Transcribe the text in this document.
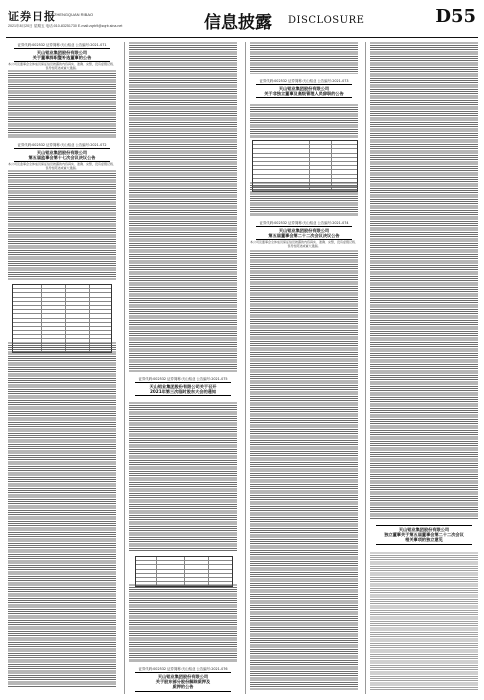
证券日报
ZHENGQUAN RIBAO
2021年8月20日 星期五 电话:010-83251730 E-mail:zqrb9@zqrb.sina.net	信息披露 DISCLOSURE	D55
证券代码:002532 证券简称:天山铝业 公告编号:2021-071
天山铝业集团股份有限公司
关于董事辞职暨补选董事的公告
本公司及董事会全体成员保证信息披露的内容真实、准确、完整，没有虚假记载、误导性陈述或重大遗漏。
证券代码:002532 证券简称:天山铝业 公告编号:2021-072
天山铝业集团股份有限公司
第五届监事会第十七次会议决议公告
本公司及监事会全体成员保证信息披露的内容真实、准确、完整，没有虚假记载、误导性陈述或重大遗漏。
证券代码:002532 证券简称:天山铝业 公告编号:2021-075
天山铝业集团股份有限公司关于召开
2021年第三次临时股东大会的通知
证券代码:002532 证券简称:天山铝业 公告编号:2021-076
天山铝业集团股份有限公司
关于股东部分股份解除质押及
质押的公告
证券代码:002532 证券简称:天山铝业 公告编号:2021-073
天山铝业集团股份有限公司
关于非独立董事及高级管理人员辞职的公告
证券代码:002532 证券简称:天山铝业 公告编号:2021-074
天山铝业集团股份有限公司
第五届董事会第二十二次会议决议公告
本公司及董事会全体成员保证信息披露的内容真实、准确、完整，没有虚假记载、误导性陈述或重大遗漏。
天山铝业集团股份有限公司
独立董事关于第五届董事会第二十二次会议
相关事项的独立意见
